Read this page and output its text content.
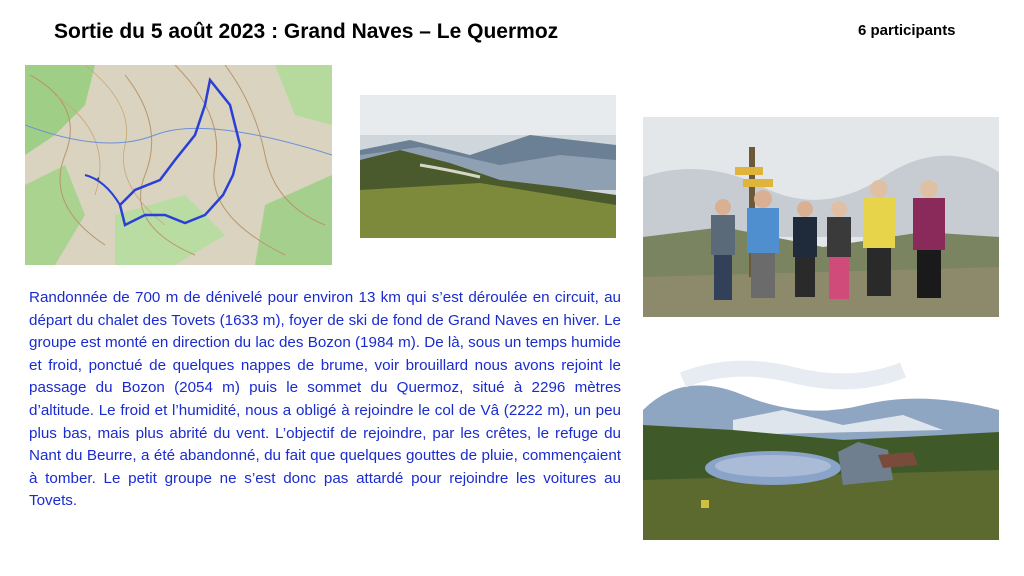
Sortie du 5 août 2023 : Grand Naves – Le Quermoz	6 participants
•
Randonnée de 700 m de dénivelé pour environ 13 km qui s’est déroulée en circuit, au départ du chalet des Tovets (1633 m), foyer de ski de fond de Grand Naves en hiver. Le groupe est monté en direction du lac des Bozon (1984 m). De là, sous un temps humide et froid, ponctué de quelques nappes de brume, voir brouillard nous avons rejoint le passage du Bozon (2054 m) puis le sommet du Quermoz, situé à 2296 mètres d’altitude. Le froid et l’humidité, nous a obligé à rejoindre le col de Vâ (2222 m), un peu plus bas, mais plus abrité du vent. L’objectif de rejoindre, par les crêtes, le refuge du Nant du Beurre, a été abandonné, du fait que quelques gouttes de pluie, commençaient à tomber. Le petit groupe ne s’est donc pas attardé pour rejoindre les voitures au Tovets.
